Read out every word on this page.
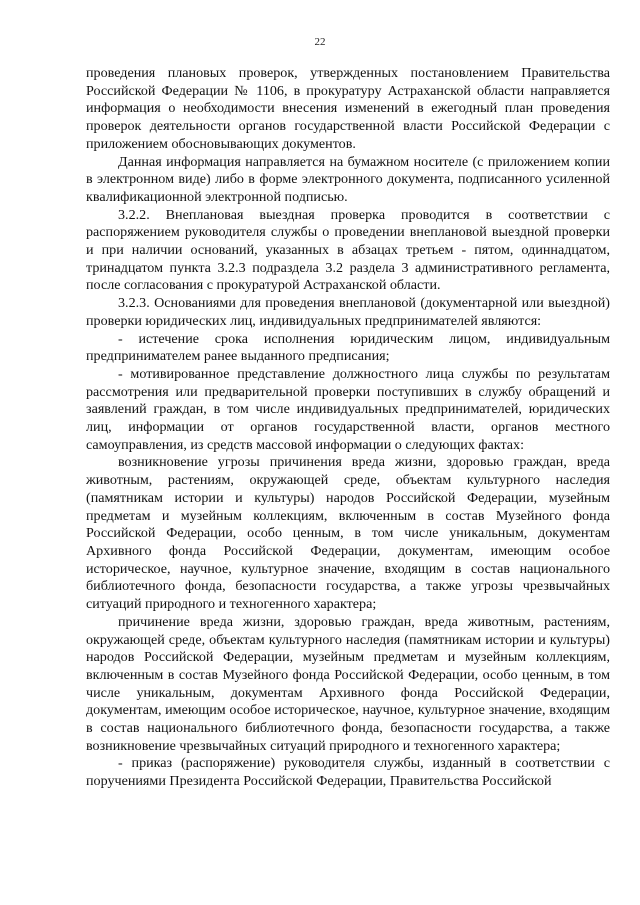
22

проведения плановых проверок, утвержденных постановлением Правительства Российской Федерации № 1106, в прокуратуру Астраханской области направляется информация о необходимости внесения изменений в ежегодный план проведения проверок деятельности органов государственной власти Российской Федерации с приложением обосновывающих документов.

Данная информация направляется на бумажном носителе (с приложением копии в электронном виде) либо в форме электронного документа, подписанного усиленной квалификационной электронной подписью.

3.2.2. Внеплановая выездная проверка проводится в соответствии с распоряжением руководителя службы о проведении внеплановой выездной проверки и при наличии оснований, указанных в абзацах третьем - пятом, одиннадцатом, тринадцатом пункта 3.2.3 подраздела 3.2 раздела 3 административного регламента, после согласования с прокуратурой Астраханской области.

3.2.3. Основаниями для проведения внеплановой (документарной или выездной) проверки юридических лиц, индивидуальных предпринимателей являются:

- истечение срока исполнения юридическим лицом, индивидуальным предпринимателем ранее выданного предписания;

- мотивированное представление должностного лица службы по результатам рассмотрения или предварительной проверки поступивших в службу обращений и заявлений граждан, в том числе индивидуальных предпринимателей, юридических лиц, информации от органов государственной власти, органов местного самоуправления, из средств массовой информации о следующих фактах:

возникновение угрозы причинения вреда жизни, здоровью граждан, вреда животным, растениям, окружающей среде, объектам культурного наследия (памятникам истории и культуры) народов Российской Федерации, музейным предметам и музейным коллекциям, включенным в состав Музейного фонда Российской Федерации, особо ценным, в том числе уникальным, документам Архивного фонда Российской Федерации, документам, имеющим особое историческое, научное, культурное значение, входящим в состав национального библиотечного фонда, безопасности государства, а также угрозы чрезвычайных ситуаций природного и техногенного характера;

причинение вреда жизни, здоровью граждан, вреда животным, растениям, окружающей среде, объектам культурного наследия (памятникам истории и культуры) народов Российской Федерации, музейным предметам и музейным коллекциям, включенным в состав Музейного фонда Российской Федерации, особо ценным, в том числе уникальным, документам Архивного фонда Российской Федерации, документам, имеющим особое историческое, научное, культурное значение, входящим в состав национального библиотечного фонда, безопасности государства, а также возникновение чрезвычайных ситуаций природного и техногенного характера;

- приказ (распоряжение) руководителя службы, изданный в соответствии с поручениями Президента Российской Федерации, Правительства Российской
